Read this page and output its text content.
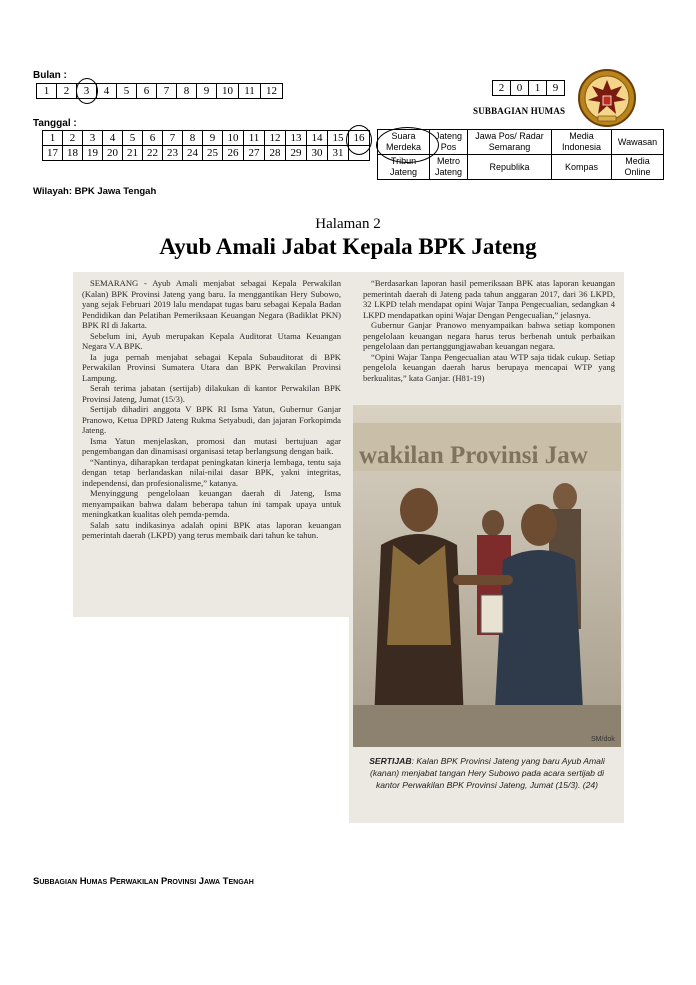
Bulan :
1	2	3	4	5	6	7	8	9	10	11	12	2	0	1	9
SUBBAGIAN HUMAS
Tanggal :
1	2	3	4	5	6	7	8	9	10	11	12	13	14	15	16
17	18	19	20	21	22	23	24	25	26	27	28	29	30	31	
Suara Merdeka	Jateng Pos	Jawa Pos/ Radar Semarang	Media Indonesia	Wawasan
Tribun Jateng	Metro Jateng	Republika	Kompas	Media Online
Wilayah: BPK Jawa Tengah
Halaman 2
Ayub Amali Jabat Kepala BPK Jateng

SEMARANG - Ayub Amali menjabat sebagai Kepala Perwakilan (Kalan) BPK Provinsi Jateng yang baru. Ia menggantikan Hery Subowo, yang sejak Februari 2019 lalu mendapat tugas baru sebagai Kepala Badan Pendidikan dan Pelatihan Pemeriksaan Keuangan Negara (Badiklat PKN) BPK RI di Jakarta.

Sebelum ini, Ayub merupakan Kepala Auditorat Utama Keuangan Negara V.A BPK.

Ia juga pernah menjabat sebagai Kepala Subauditorat di BPK Perwakilan Provinsi Sumatera Utara dan BPK Perwakilan Provinsi Lampung.

Serah terima jabatan (sertijab) dilakukan di kantor Perwakilan BPK Provinsi Jateng, Jumat (15/3).

Sertijab dihadiri anggota V BPK RI Isma Yatun, Gubernur Ganjar Pranowo, Ketua DPRD Jateng Rukma Setyabudi, dan jajaran Forkopimda Jateng.

Isma Yatun menjelaskan, promosi dan mutasi bertujuan agar pengembangan dan dinamisasi organisasi tetap berlangsung dengan baik.

“Nantinya, diharapkan terdapat peningkatan kinerja lembaga, tentu saja dengan tetap berlandaskan nilai-nilai dasar BPK, yakni integritas, independensi, dan profesionalisme,” katanya.

Menyinggung pengelolaan keuangan daerah di Jateng, Isma menyampaikan bahwa dalam beberapa tahun ini tampak upaya untuk meningkatkan kualitas oleh pemda-pemda.

Salah satu indikasinya adalah opini BPK atas laporan keuangan pemerintah daerah (LKPD) yang terus membaik dari tahun ke tahun.

“Berdasarkan laporan hasil pemeriksaan BPK atas laporan keuangan pemerintah daerah di Jateng pada tahun anggaran 2017, dari 36 LKPD, 32 LKPD telah mendapat opini Wajar Tanpa Pengecualian, sedangkan 4 LKPD mendapatkan opini Wajar Dengan Pengecualian,” jelasnya.

Gubernur Ganjar Pranowo menyampaikan bahwa setiap komponen pengelolaan keuangan negara harus terus berbenah untuk perbaikan pengelolaan dan pertanggungjawaban keuangan negara.

“Opini Wajar Tanpa Pengecualian atau WTP saja tidak cukup. Setiap pengelola keuangan daerah harus berupaya mencapai WTP yang berkualitas,” kata Ganjar. (H81-19)

wakilan Provinsi Jaw
SM/dok
SERTIJAB: Kalan BPK Provinsi Jateng yang baru Ayub Amali (kanan) menjabat tangan Hery Subowo pada acara sertijab di kantor Perwakilan BPK Provinsi Jateng, Jumat (15/3). (24)
Subbagian Humas Perwakilan Provinsi Jawa Tengah
